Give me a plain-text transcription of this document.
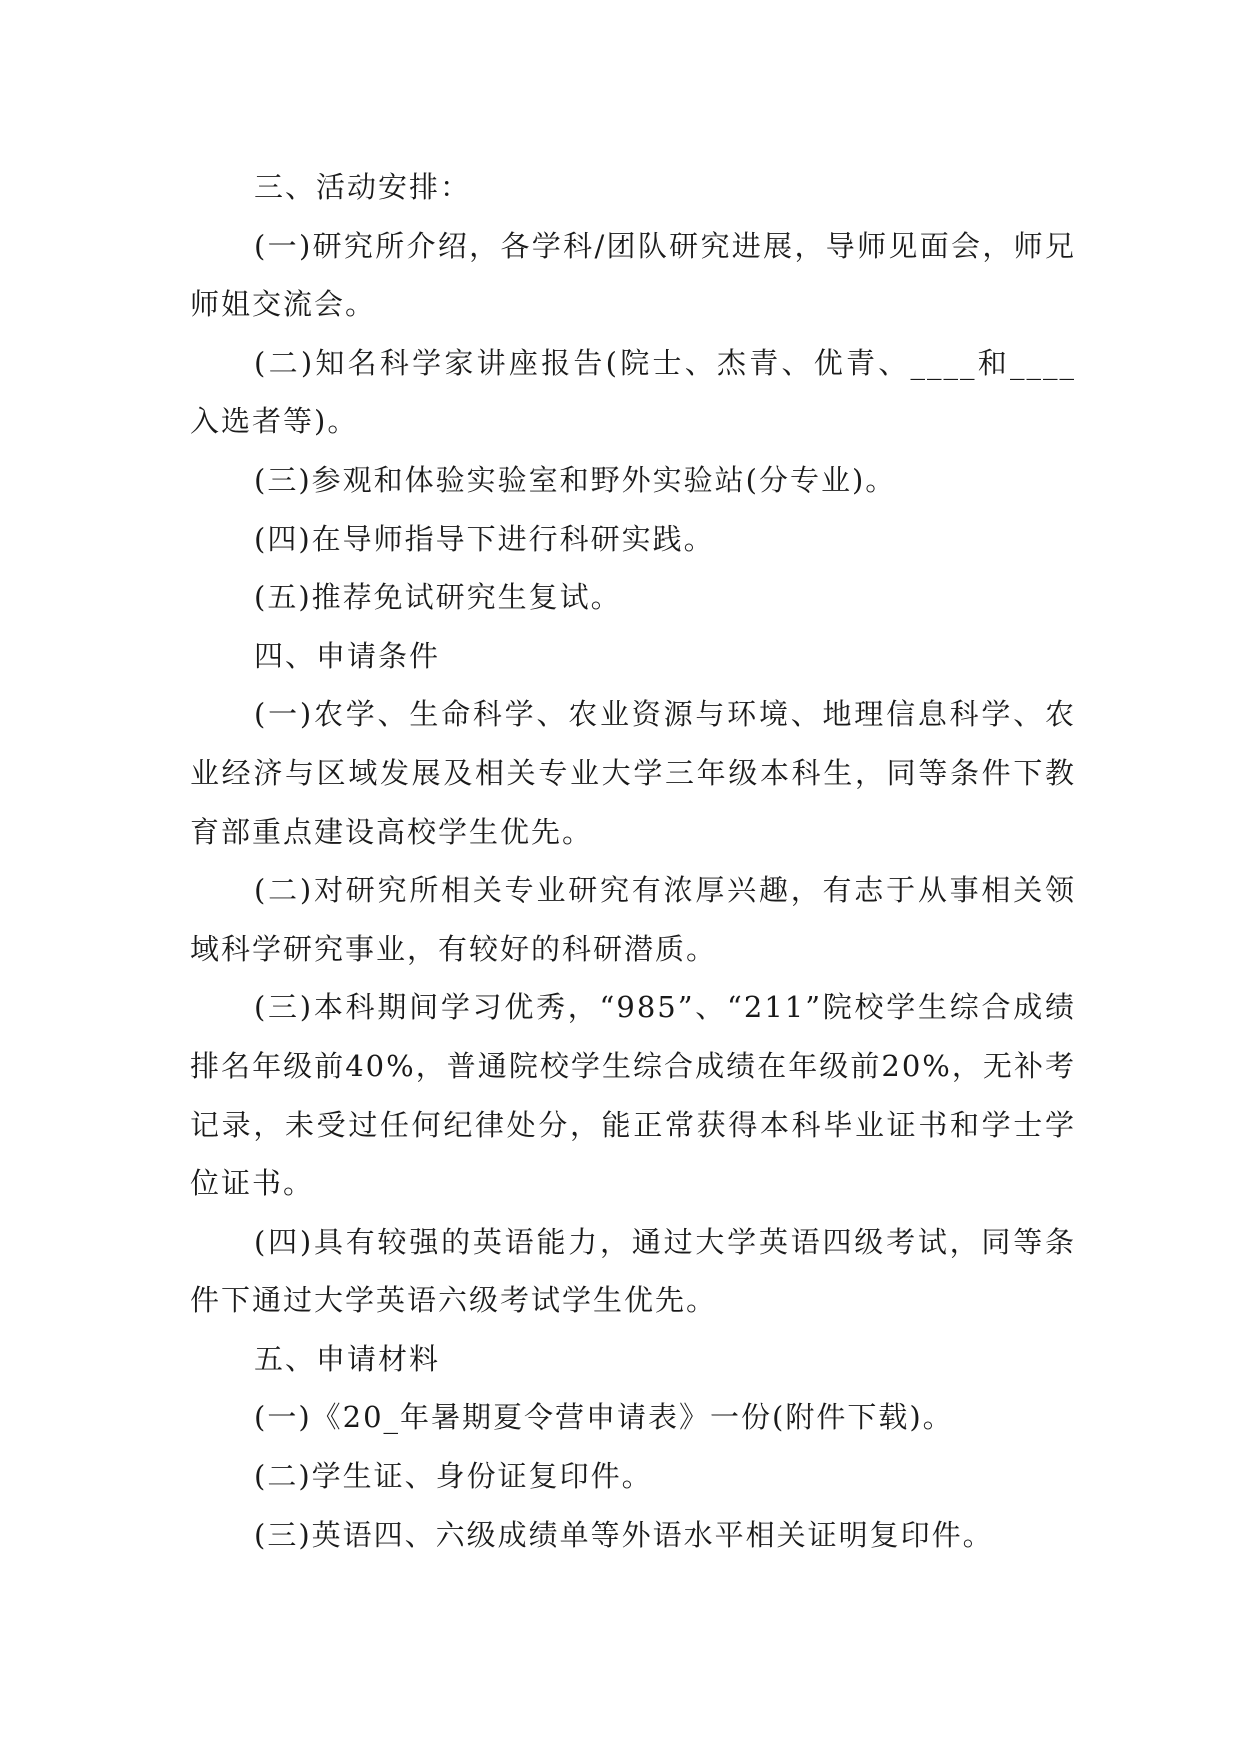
三、活动安排：

(一)研究所介绍，各学科/团队研究进展，导师见面会，师兄师姐交流会。

(二)知名科学家讲座报告(院士、杰青、优青、____和____入选者等)。

(三)参观和体验实验室和野外实验站(分专业)。

(四)在导师指导下进行科研实践。

(五)推荐免试研究生复试。

四、申请条件

(一)农学、生命科学、农业资源与环境、地理信息科学、农业经济与区域发展及相关专业大学三年级本科生，同等条件下教育部重点建设高校学生优先。

(二)对研究所相关专业研究有浓厚兴趣，有志于从事相关领域科学研究事业，有较好的科研潜质。

(三)本科期间学习优秀，“985”、“211”院校学生综合成绩排名年级前40%，普通院校学生综合成绩在年级前20%，无补考记录，未受过任何纪律处分，能正常获得本科毕业证书和学士学位证书。

(四)具有较强的英语能力，通过大学英语四级考试，同等条件下通过大学英语六级考试学生优先。

五、申请材料

(一)《20_年暑期夏令营申请表》一份(附件下载)。

(二)学生证、身份证复印件。

(三)英语四、六级成绩单等外语水平相关证明复印件。
